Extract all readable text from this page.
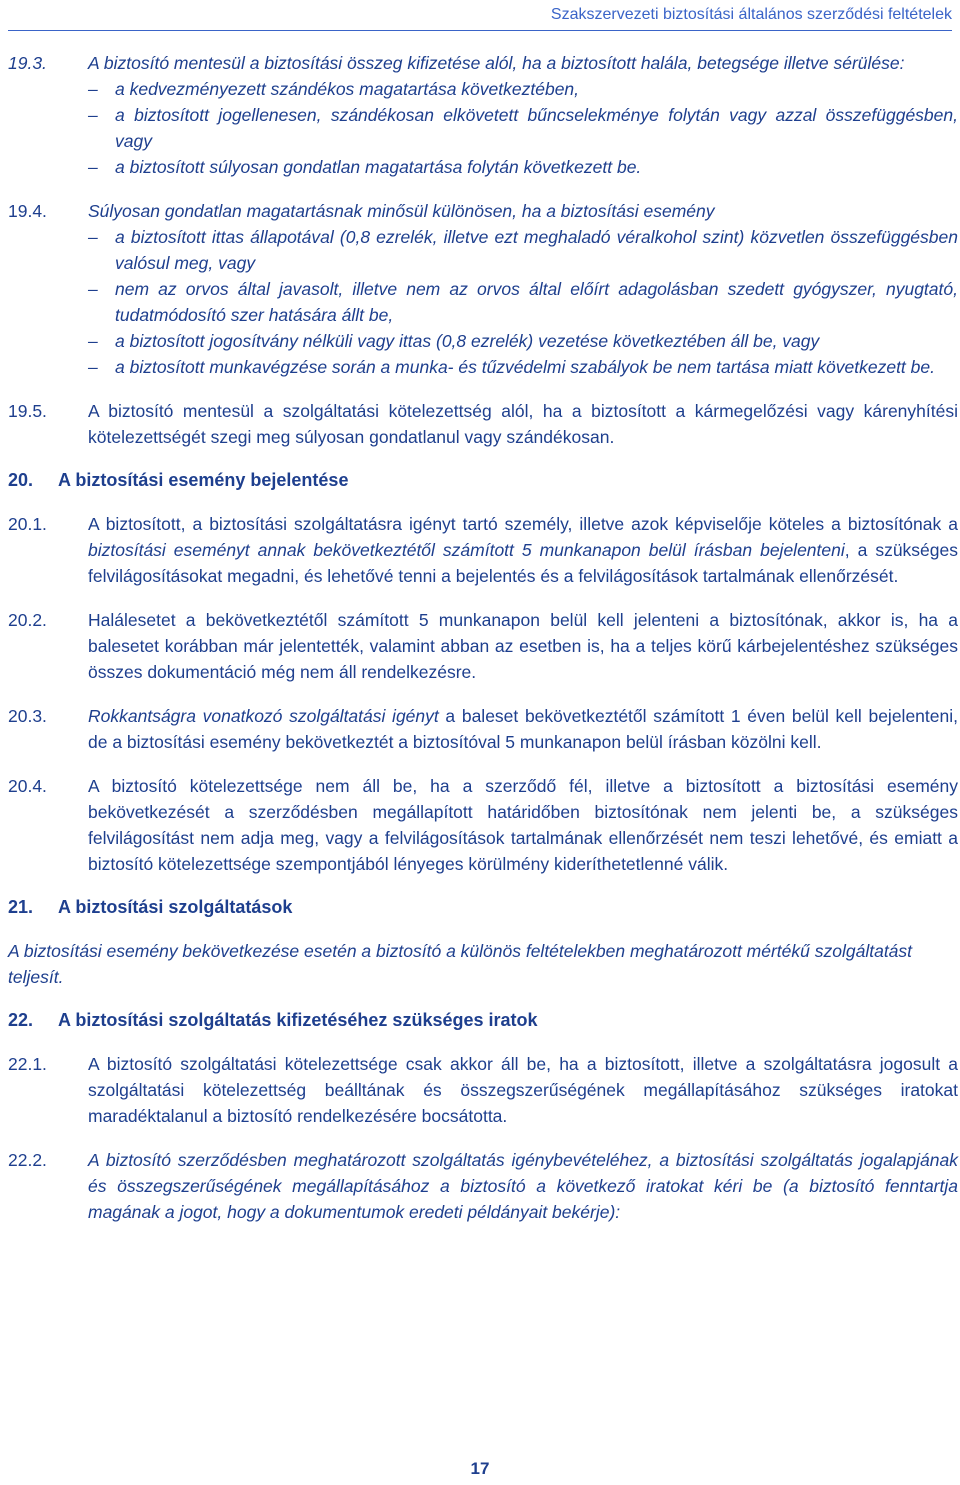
Szakszervezeti biztosítási általános szerződési feltételek
19.3.	A biztosító mentesül a biztosítási összeg kifizetése alól, ha a biztosított halála, betegsége illetve sérülése:
– a kedvezményezett szándékos magatartása következtében,
– a biztosított jogellenesen, szándékosan elkövetett bűncselekménye folytán vagy azzal összefüggésben, vagy
– a biztosított súlyosan gondatlan magatartása folytán következett be.
19.4.	Súlyosan gondatlan magatartásnak minősül különösen, ha a biztosítási esemény
– a biztosított ittas állapotával (0,8 ezrelék, illetve ezt meghaladó véralkohol szint) közvetlen összefüggésben valósul meg, vagy
– nem az orvos által javasolt, illetve nem az orvos által előírt adagolásban szedett gyógyszer, nyugtató, tudatmódosító szer hatására állt be,
– a biztosított jogosítvány nélküli vagy ittas (0,8 ezrelék) vezetése következtében áll be, vagy
– a biztosított munkavégzése során a munka- és tűzvédelmi szabályok be nem tartása miatt következett be.
19.5.	A biztosító mentesül a szolgáltatási kötelezettség alól, ha a biztosított a kármegelőzési vagy kárenyhítési kötelezettségét szegi meg súlyosan gondatlanul vagy szándékosan.
20.	A biztosítási esemény bejelentése
20.1.	A biztosított, a biztosítási szolgáltatásra igényt tartó személy, illetve azok képviselője köteles a biztosítónak a biztosítási eseményt annak bekövetkeztétől számított 5 munkanapon belül írásban bejelenteni, a szükséges felvilágosításokat megadni, és lehetővé tenni a bejelentés és a felvilágosítások tartalmának ellenőrzését.
20.2.	Halálesetet a bekövetkeztétől számított 5 munkanapon belül kell jelenteni a biztosítónak, akkor is, ha a balesetet korábban már jelentették, valamint abban az esetben is, ha a teljes körű kárbejelentéshez szükséges összes dokumentáció még nem áll rendelkezésre.
20.3.	Rokkantságra vonatkozó szolgáltatási igényt a baleset bekövetkeztétől számított 1 éven belül kell bejelenteni, de a biztosítási esemény bekövetkeztét a biztosítóval 5 munkanapon belül írásban közölni kell.
20.4.	A biztosító kötelezettsége nem áll be, ha a szerződő fél, illetve a biztosított a biztosítási esemény bekövetkezését a szerződésben megállapított határidőben biztosítónak nem jelenti be, a szükséges felvilágosítást nem adja meg, vagy a felvilágosítások tartalmának ellenőrzését nem teszi lehetővé, és emiatt a biztosító kötelezettsége szempontjából lényeges körülmény kideríthetetlenné válik.
21.	A biztosítási szolgáltatások
A biztosítási esemény bekövetkezése esetén a biztosító a különös feltételekben meghatározott mértékű szolgáltatást teljesít.
22.	A biztosítási szolgáltatás kifizetéséhez szükséges iratok
22.1.	A biztosító szolgáltatási kötelezettsége csak akkor áll be, ha a biztosított, illetve a szolgáltatásra jogosult a szolgáltatási kötelezettség beálltának és összegszerűségének megállapításához szükséges iratokat maradéktalanul a biztosító rendelkezésére bocsátotta.
22.2.	A biztosító szerződésben meghatározott szolgáltatás igénybevételéhez, a biztosítási szolgáltatás jogalapjának és összegszerűségének megállapításához a biztosító a következő iratokat kéri be (a biztosító fenntartja magának a jogot, hogy a dokumentumok eredeti példányait bekérje):
17
